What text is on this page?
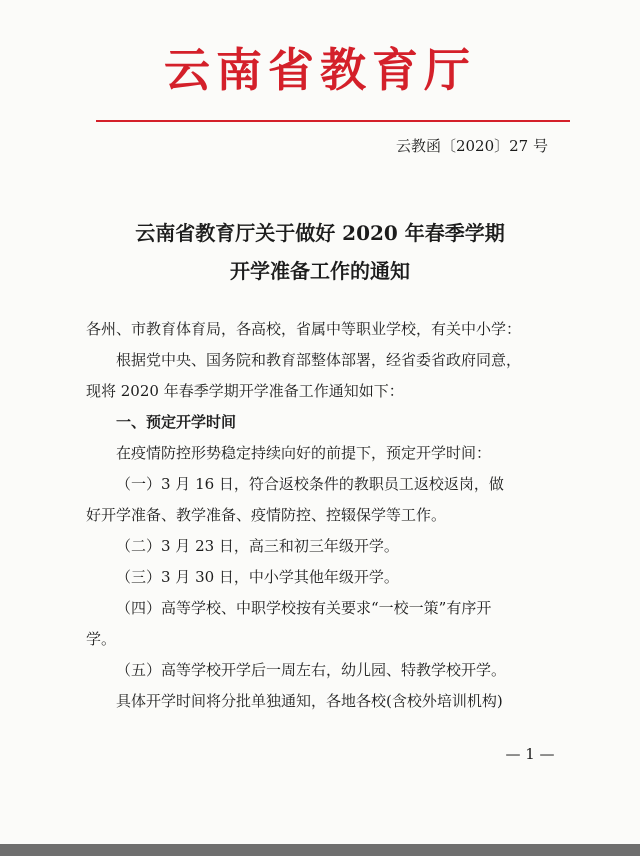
云南省教育厅
云教函〔2020〕27 号
云南省教育厅关于做好 2020 年春季学期
开学准备工作的通知
各州、市教育体育局，各高校，省属中等职业学校，有关中小学：
根据党中央、国务院和教育部整体部署，经省委省政府同意，
现将 2020 年春季学期开学准备工作通知如下：
一、预定开学时间
在疫情防控形势稳定持续向好的前提下，预定开学时间：
（一）3 月 16 日，符合返校条件的教职员工返校返岗，做
好开学准备、教学准备、疫情防控、控辍保学等工作。
（二）3 月 23 日，高三和初三年级开学。
（三）3 月 30 日，中小学其他年级开学。
（四）高等学校、中职学校按有关要求“一校一策”有序开
学。
（五）高等学校开学后一周左右，幼儿园、特教学校开学。
具体开学时间将分批单独通知，各地各校(含校外培训机构)
— 1 —
